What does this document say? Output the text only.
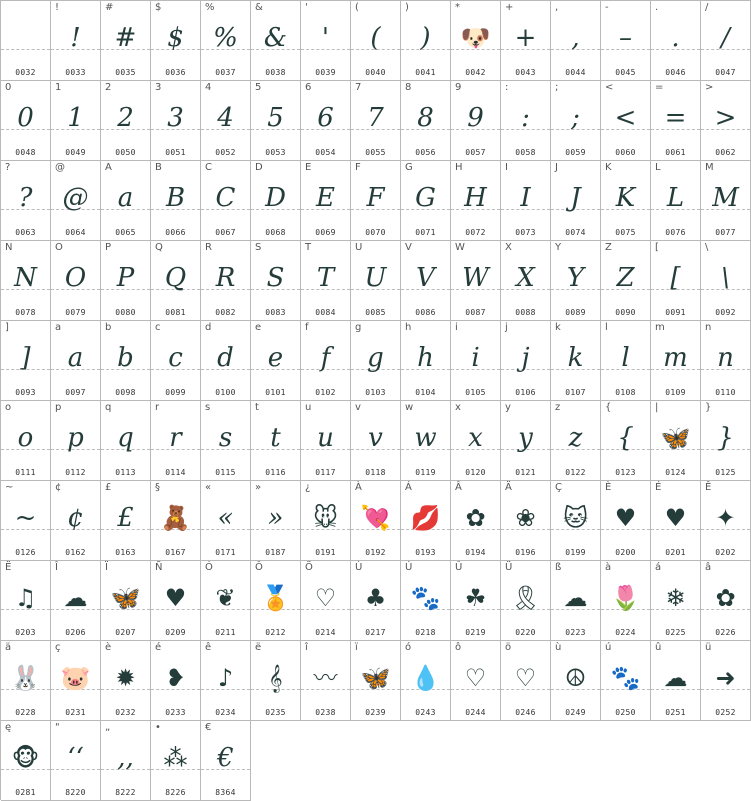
0032
!
!
0033
#
#
0035
$
$
0036
%
%
0037
&
&
0038
'
'
0039
(
(
0040
)
)
0041
*
🐶
0042
+
+
0043
,
,
0044
-
–
0045
.
.
0046
/
/
0047
0
0
0048
1
1
0049
2
2
0050
3
3
0051
4
4
0052
5
5
0053
6
6
0054
7
7
0055
8
8
0056
9
9
0057
:
:
0058
;
;
0059
<
<
0060
=
=
0061
>
>
0062
?
?
0063
@
@
0064
A
a
0065
B
B
0066
C
C
0067
D
D
0068
E
E
0069
F
F
0070
G
G
0071
H
H
0072
I
I
0073
J
J
0074
K
K
0075
L
L
0076
M
M
0077
N
N
0078
O
O
0079
P
P
0080
Q
Q
0081
R
R
0082
S
S
0083
T
T
0084
U
U
0085
V
V
0086
W
W
0087
X
X
0088
Y
Y
0089
Z
Z
0090
[
[
0091
\
\
0092
]
]
0093
a
a
0097
b
b
0098
c
c
0099
d
d
0100
e
e
0101
f
f
0102
g
g
0103
h
h
0104
i
i
0105
j
j
0106
k
k
0107
l
l
0108
m
m
0109
n
n
0110
o
o
0111
p
p
0112
q
q
0113
r
r
0114
s
s
0115
t
t
0116
u
u
0117
v
v
0118
w
w
0119
x
x
0120
y
y
0121
z
z
0122
{
{
0123
|
🦋
0124
}
}
0125
~
~
0126
¢
¢
0162
£
£
0163
§
🧸
0167
«
«
0171
»
»
0187
¿
🐭
0191
À
💘
0192
Á
💋
0193
Â
✿
0194
Ä
❀
0196
Ç
🐱
0199
È
♥
0200
É
♥
0201
Ê
✦
0202
Ë
♫
0203
Î
☁
0206
Ï
🦋
0207
Ñ
♥
0209
Ó
❦
0211
Ô
🏅
0212
Ö
♡
0214
Ù
♣
0217
Ú
🐾
0218
Û
☘
0219
Ü
🎗
0220
ß
☁
0223
à
🌷
0224
á
❄
0225
â
✿
0226
ä
🐰
0228
ç
🐷
0231
è
✹
0232
é
❥
0233
ê
♪
0234
ë
𝄞
0235
î
〰
0238
ï
🦋
0239
ó
💧
0243
ô
♡
0244
ö
♡
0246
ù
☮
0249
ú
🐾
0250
û
☁
0251
ü
➜
0252
ę
🐵
0281
"
‘‘
8220
„
,,
8222
•
⁂
8226
€
€
8364
